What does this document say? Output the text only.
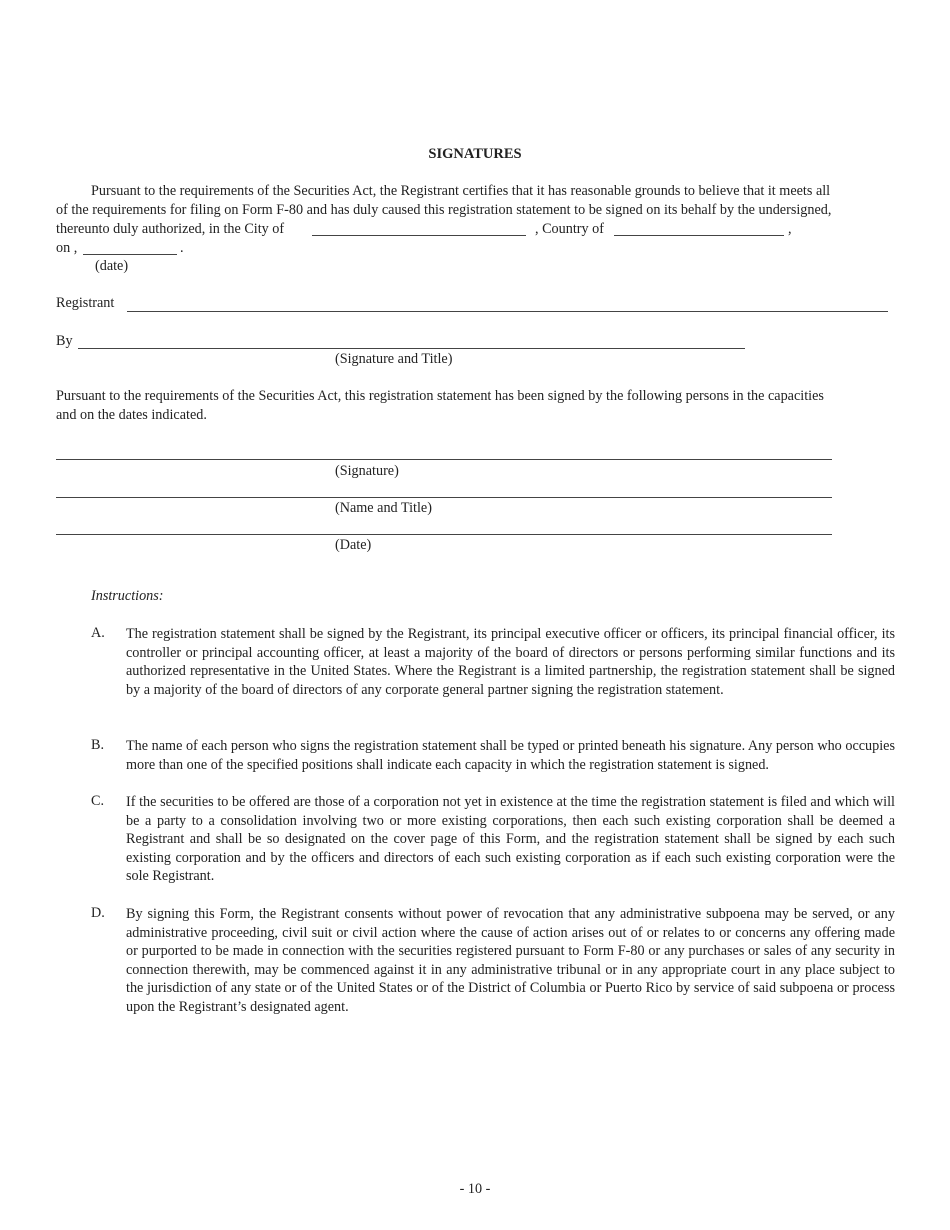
SIGNATURES
Pursuant to the requirements of the Securities Act, the Registrant certifies that it has reasonable grounds to believe that it meets all
of the requirements for filing on Form F-80 and has duly caused this registration statement to be signed on its behalf by the undersigned,
thereunto duly authorized, in the City of	, Country of	,
on ,	.
(date)
Registrant
By
(Signature and Title)
Pursuant to the requirements of the Securities Act, this registration statement has been signed by the following persons in the capacities and on the dates indicated.
(Signature)
(Name and Title)
(Date)
Instructions:
A. The registration statement shall be signed by the Registrant, its principal executive officer or officers, its principal financial officer, its controller or principal accounting officer, at least a majority of the board of directors or persons performing similar functions and its authorized representative in the United States. Where the Registrant is a limited partnership, the registration statement shall be signed by a majority of the board of directors of any corporate general partner signing the registration statement.
B. The name of each person who signs the registration statement shall be typed or printed beneath his signature. Any person who occupies more than one of the specified positions shall indicate each capacity in which the registration statement is signed.
C. If the securities to be offered are those of a corporation not yet in existence at the time the registration statement is filed and which will be a party to a consolidation involving two or more existing corporations, then each such existing corporation shall be deemed a Registrant and shall be so designated on the cover page of this Form, and the registration statement shall be signed by each such existing corporation and by the officers and directors of each such existing corporation as if each such existing corporation were the sole Registrant.
D. By signing this Form, the Registrant consents without power of revocation that any administrative subpoena may be served, or any administrative proceeding, civil suit or civil action where the cause of action arises out of or relates to or concerns any offering made or purported to be made in connection with the securities registered pursuant to Form F-80 or any purchases or sales of any security in connection therewith, may be commenced against it in any administrative tribunal or in any appropriate court in any place subject to the jurisdiction of any state or of the United States or of the District of Columbia or Puerto Rico by service of said subpoena or process upon the Registrant’s designated agent.
- 10 -
